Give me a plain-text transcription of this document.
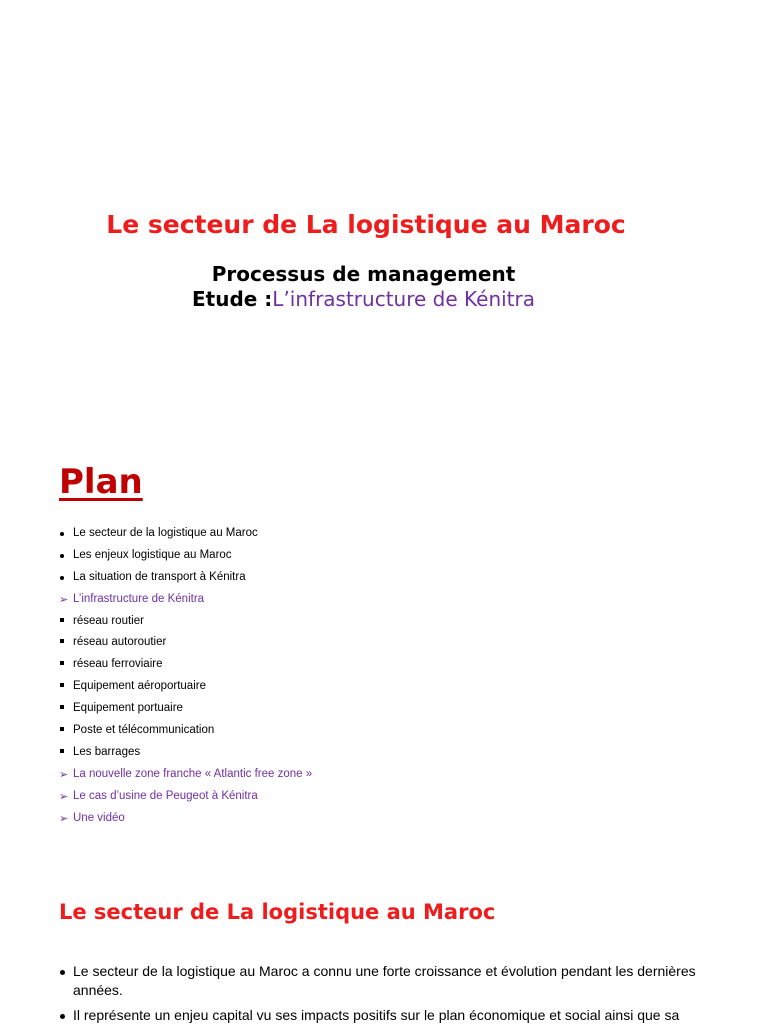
Le secteur de La logistique au Maroc
Processus de management
Etude :L’infrastructure de Kénitra
Plan
Le secteur de la logistique au Maroc
Les enjeux logistique au Maroc
La situation de transport à Kénitra
➢ L’infrastructure de Kénitra
réseau routier
réseau autoroutier
réseau ferroviaire
Equipement aéroportuaire
Equipement portuaire
Poste et télécommunication
Les barrages
➢ La nouvelle zone franche « Atlantic free zone »
➢ Le cas d’usine de Peugeot à Kénitra
➢ Une vidéo
Le secteur de La logistique au Maroc
Le secteur de la logistique au Maroc a connu une forte croissance et évolution pendant les dernières années.
Il représente un enjeu capital vu ses impacts positifs sur le plan économique et social ainsi que sa
